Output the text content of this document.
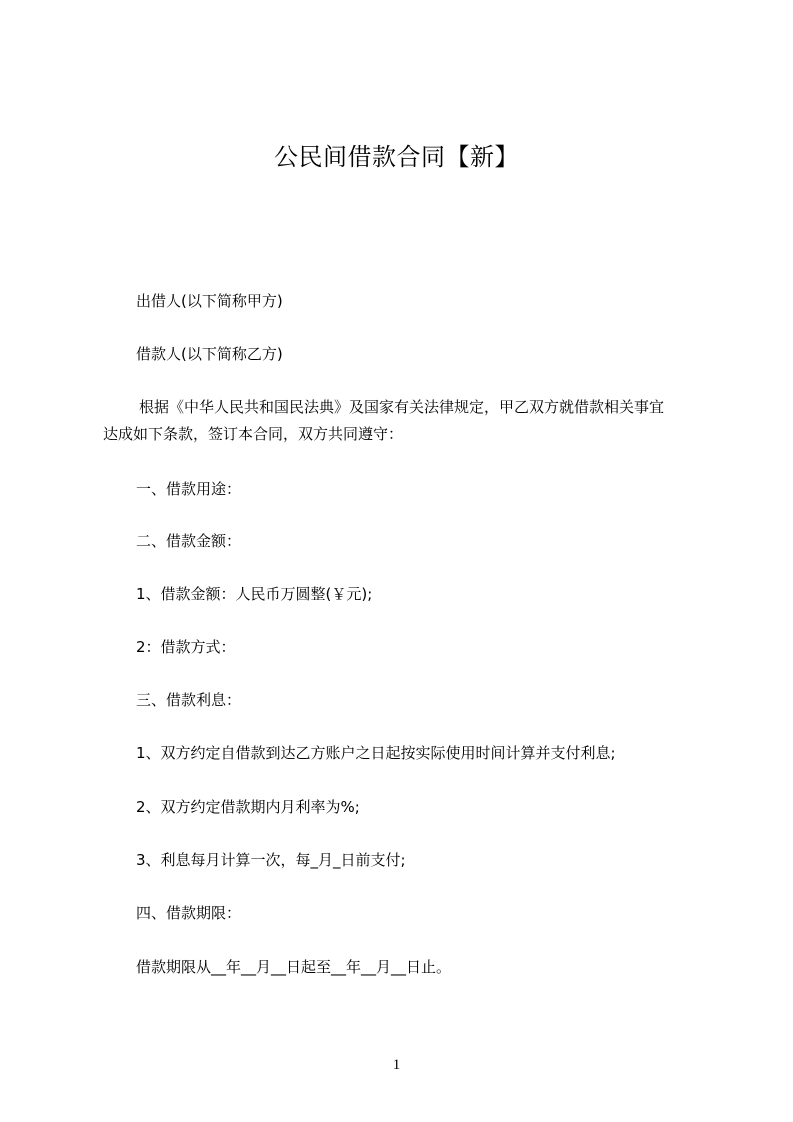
公民间借款合同【新】
出借人(以下简称甲方)
借款人(以下简称乙方)
根据《中华人民共和国民法典》及国家有关法律规定，甲乙双方就借款相关事宜
达成如下条款，签订本合同，双方共同遵守：
一、借款用途：
二、借款金额：
1、借款金额：人民币万圆整(￥元);
2：借款方式：
三、借款利息：
1、双方约定自借款到达乙方账户之日起按实际使用时间计算并支付利息;
2、双方约定借款期内月利率为%;
3、利息每月计算一次，每_月_日前支付;
四、借款期限：
借款期限从__年__月__日起至__年__月__日止。
1
